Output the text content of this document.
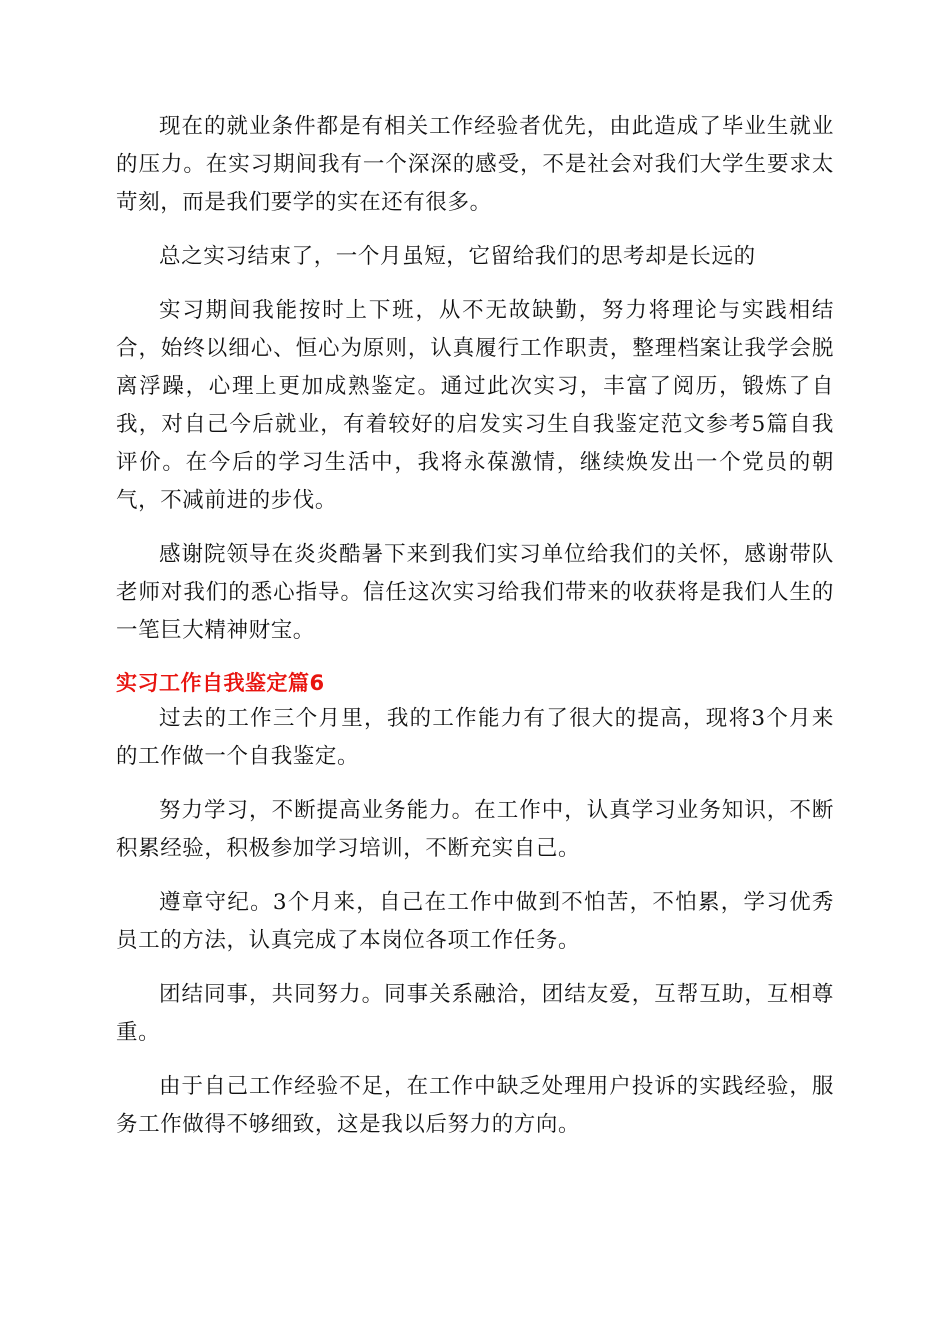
现在的就业条件都是有相关工作经验者优先，由此造成了毕业生就业的压力。在实习期间我有一个深深的感受，不是社会对我们大学生要求太苛刻，而是我们要学的实在还有很多。

总之实习结束了，一个月虽短，它留给我们的思考却是长远的

实习期间我能按时上下班，从不无故缺勤，努力将理论与实践相结合，始终以细心、恒心为原则，认真履行工作职责，整理档案让我学会脱离浮躁，心理上更加成熟鉴定。通过此次实习，丰富了阅历，锻炼了自我，对自己今后就业，有着较好的启发实习生自我鉴定范文参考5篇自我评价。在今后的学习生活中，我将永葆激情，继续焕发出一个党员的朝气，不减前进的步伐。

感谢院领导在炎炎酷暑下来到我们实习单位给我们的关怀，感谢带队老师对我们的悉心指导。信任这次实习给我们带来的收获将是我们人生的一笔巨大精神财宝。

实习工作自我鉴定篇6

过去的工作三个月里，我的工作能力有了很大的提高，现将3个月来的工作做一个自我鉴定。

努力学习，不断提高业务能力。在工作中，认真学习业务知识，不断积累经验，积极参加学习培训，不断充实自己。

遵章守纪。3个月来，自己在工作中做到不怕苦，不怕累，学习优秀员工的方法，认真完成了本岗位各项工作任务。

团结同事，共同努力。同事关系融洽，团结友爱，互帮互助，互相尊重。

由于自己工作经验不足，在工作中缺乏处理用户投诉的实践经验，服务工作做得不够细致，这是我以后努力的方向。
